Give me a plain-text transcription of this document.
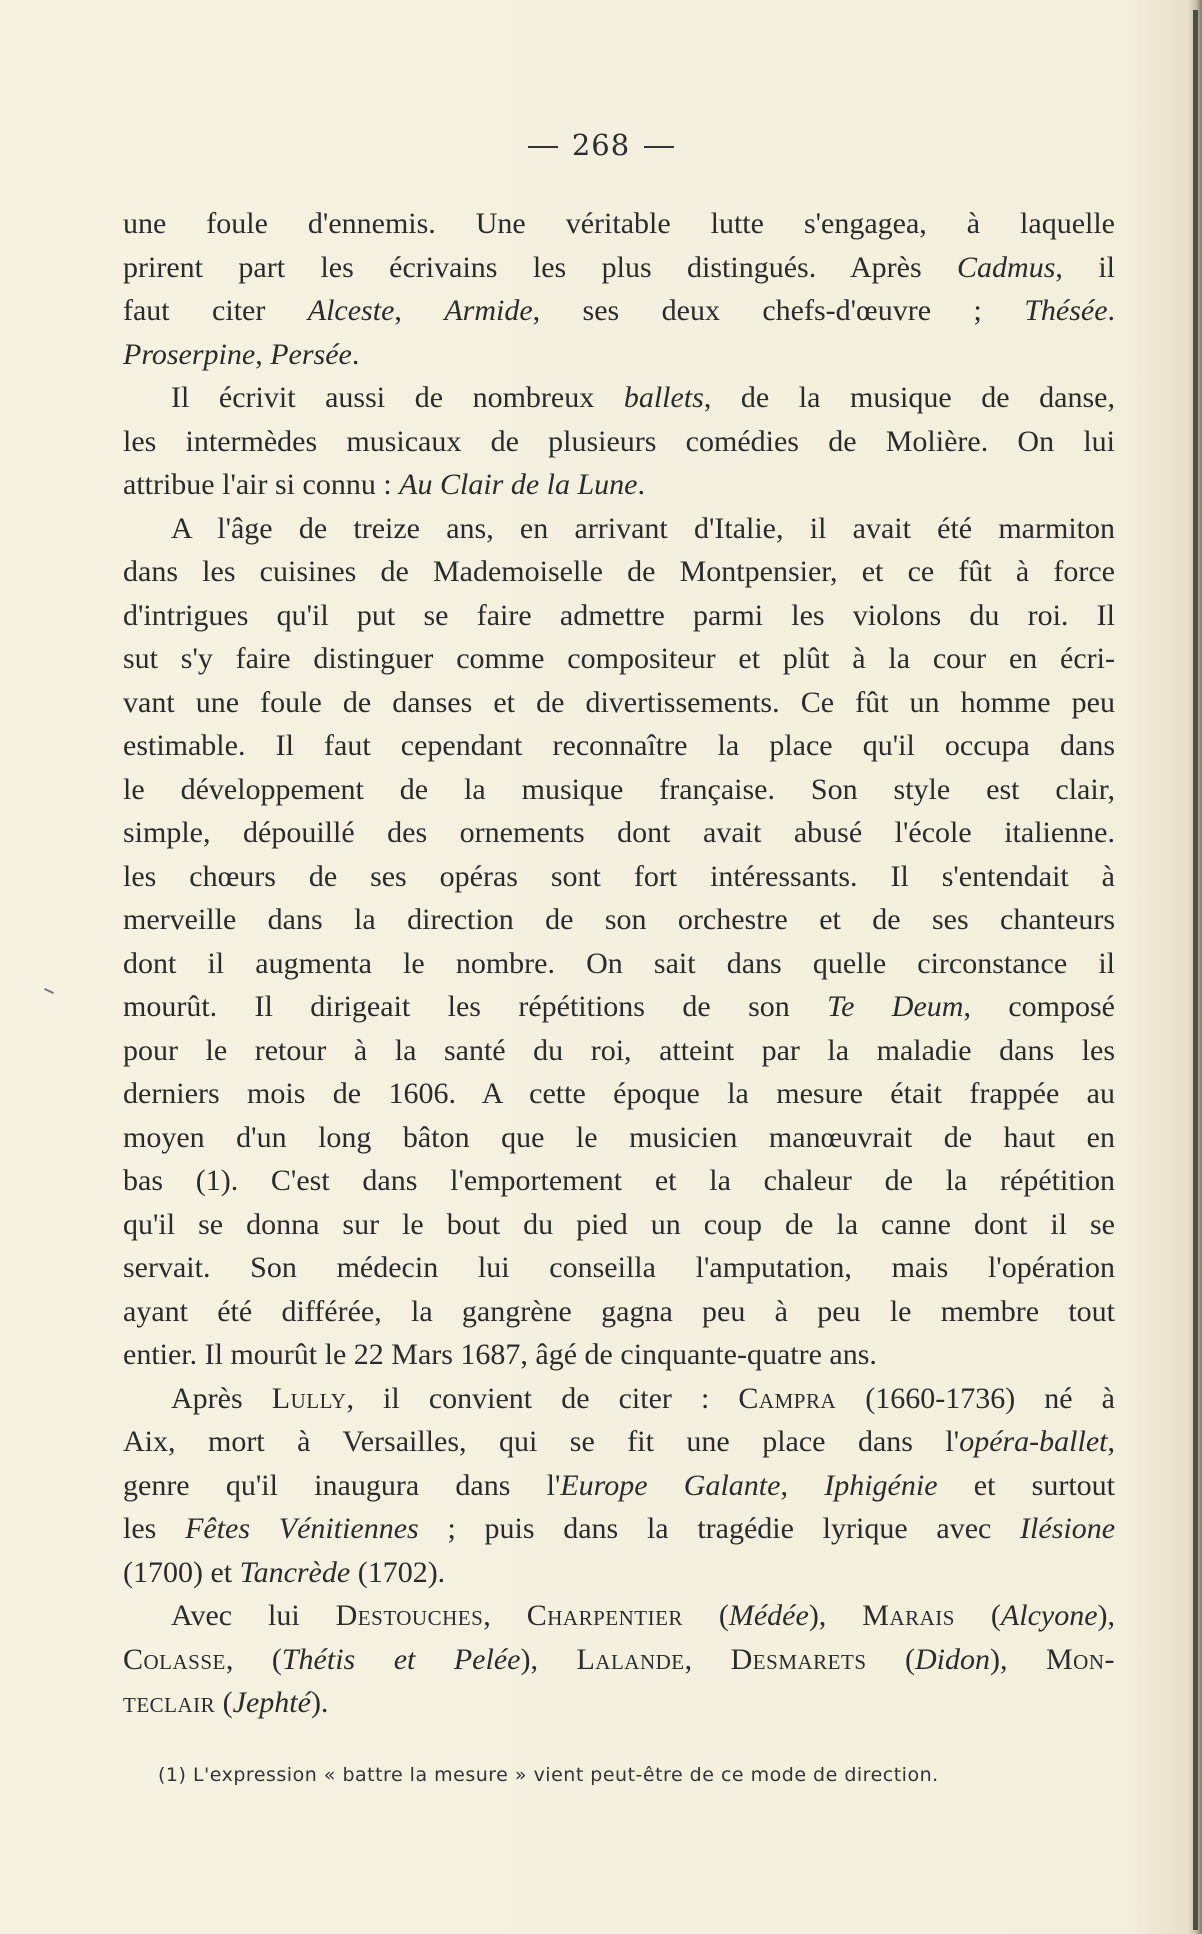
268
une foule d'ennemis. Une véritable lutte s'engagea, à laquelle
prirent part les écrivains les plus distingués. Après Cadmus, il
faut citer Alceste, Armide, ses deux chefs-d'œuvre ; Thésée.
Proserpine, Persée.
Il écrivit aussi de nombreux ballets, de la musique de danse,
les intermèdes musicaux de plusieurs comédies de Molière. On lui
attribue l'air si connu : Au Clair de la Lune.
A l'âge de treize ans, en arrivant d'Italie, il avait été marmiton
dans les cuisines de Mademoiselle de Montpensier, et ce fût à force
d'intrigues qu'il put se faire admettre parmi les violons du roi. Il
sut s'y faire distinguer comme compositeur et plût à la cour en écri-
vant une foule de danses et de divertissements. Ce fût un homme peu
estimable. Il faut cependant reconnaître la place qu'il occupa dans
le développement de la musique française. Son style est clair,
simple, dépouillé des ornements dont avait abusé l'école italienne.
les chœurs de ses opéras sont fort intéressants. Il s'entendait à
merveille dans la direction de son orchestre et de ses chanteurs
dont il augmenta le nombre. On sait dans quelle circonstance il
mourût. Il dirigeait les répétitions de son Te Deum, composé
pour le retour à la santé du roi, atteint par la maladie dans les
derniers mois de 1606. A cette époque la mesure était frappée au
moyen d'un long bâton que le musicien manœuvrait de haut en
bas (1). C'est dans l'emportement et la chaleur de la répétition
qu'il se donna sur le bout du pied un coup de la canne dont il se
servait. Son médecin lui conseilla l'amputation, mais l'opération
ayant été différée, la gangrène gagna peu à peu le membre tout
entier. Il mourût le 22 Mars 1687, âgé de cinquante-quatre ans.
Après Lully, il convient de citer : Campra (1660-1736) né à
Aix, mort à Versailles, qui se fit une place dans l'opéra-ballet,
genre qu'il inaugura dans l'Europe Galante, Iphigénie et surtout
les Fêtes Vénitiennes ; puis dans la tragédie lyrique avec Ilésione
(1700) et Tancrède (1702).
Avec lui Destouches, Charpentier (Médée), Marais (Alcyone),
Colasse, (Thétis et Pelée), Lalande, Desmarets (Didon), Mon-
teclair (Jephté).
(1) L'expression « battre la mesure » vient peut-être de ce mode de direction.
